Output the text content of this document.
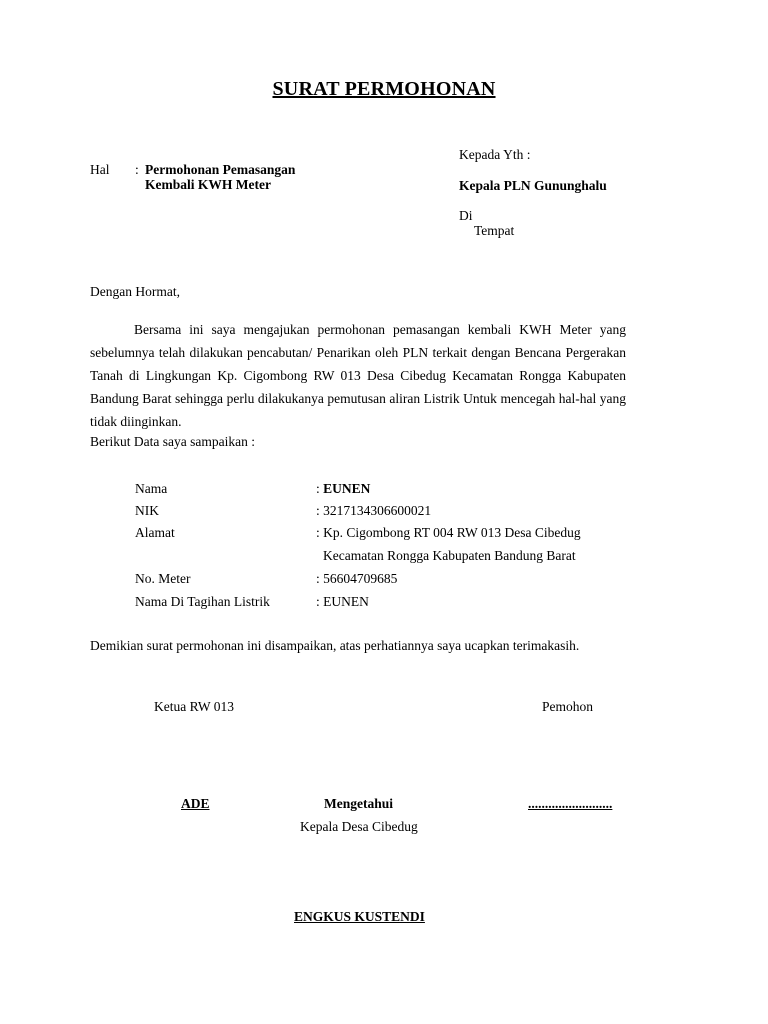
SURAT PERMOHONAN
Kepada Yth :
Kepala PLN Gununghalu
Di
Tempat
Hal : Permohonan Pemasangan
Kembali KWH Meter
Dengan Hormat,
Bersama ini saya mengajukan permohonan pemasangan kembali KWH Meter yang sebelumnya telah dilakukan pencabutan/ Penarikan oleh PLN terkait dengan Bencana Pergerakan Tanah di Lingkungan Kp. Cigombong RW 013 Desa Cibedug Kecamatan Rongga Kabupaten Bandung Barat sehingga perlu dilakukanya pemutusan aliran Listrik Untuk mencegah hal-hal yang tidak diinginkan.
Berikut Data saya sampaikan :
Nama	: EUNEN
NIK	: 3217134306600021
Alamat	: Kp. Cigombong RT 004 RW 013 Desa Cibedug
Kecamatan Rongga Kabupaten Bandung Barat
No. Meter	: 56604709685
Nama Di Tagihan Listrik	: EUNEN
Demikian surat permohonan ini disampaikan, atas perhatiannya saya ucapkan terimakasih.
Ketua RW 013	Pemohon
ADE	Mengetahui	.........................
Kepala Desa Cibedug
ENGKUS KUSTENDI
